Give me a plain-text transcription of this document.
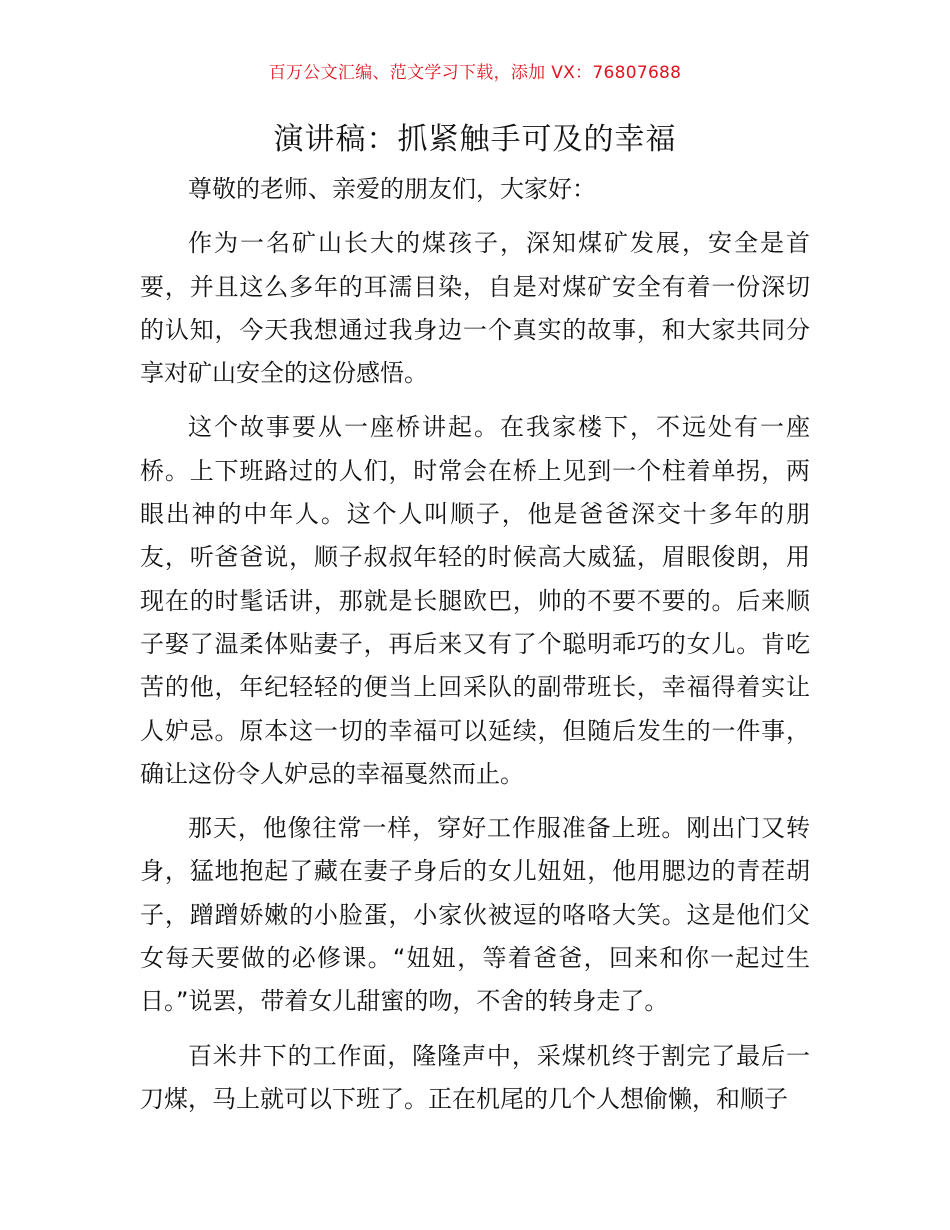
百万公文汇编、范文学习下载，添加 VX：76807688
演讲稿：抓紧触手可及的幸福

尊敬的老师、亲爱的朋友们，大家好：

作为一名矿山长大的煤孩子，深知煤矿发展，安全是首要，并且这么多年的耳濡目染，自是对煤矿安全有着一份深切的认知，今天我想通过我身边一个真实的故事，和大家共同分享对矿山安全的这份感悟。

这个故事要从一座桥讲起。在我家楼下，不远处有一座桥。上下班路过的人们，时常会在桥上见到一个柱着单拐，两眼出神的中年人。这个人叫顺子，他是爸爸深交十多年的朋友，听爸爸说，顺子叔叔年轻的时候高大威猛，眉眼俊朗，用现在的时髦话讲，那就是长腿欧巴，帅的不要不要的。后来顺子娶了温柔体贴妻子，再后来又有了个聪明乖巧的女儿。肯吃苦的他，年纪轻轻的便当上回采队的副带班长，幸福得着实让人妒忌。原本这一切的幸福可以延续，但随后发生的一件事，确让这份令人妒忌的幸福戛然而止。

那天，他像往常一样，穿好工作服准备上班。刚出门又转身，猛地抱起了藏在妻子身后的女儿妞妞，他用腮边的青茬胡子，蹭蹭娇嫩的小脸蛋，小家伙被逗的咯咯大笑。这是他们父女每天要做的必修课。“妞妞，等着爸爸，回来和你一起过生日。”说罢，带着女儿甜蜜的吻，不舍的转身走了。

百米井下的工作面，隆隆声中，采煤机终于割完了最后一刀煤，马上就可以下班了。正在机尾的几个人想偷懒，和顺子
